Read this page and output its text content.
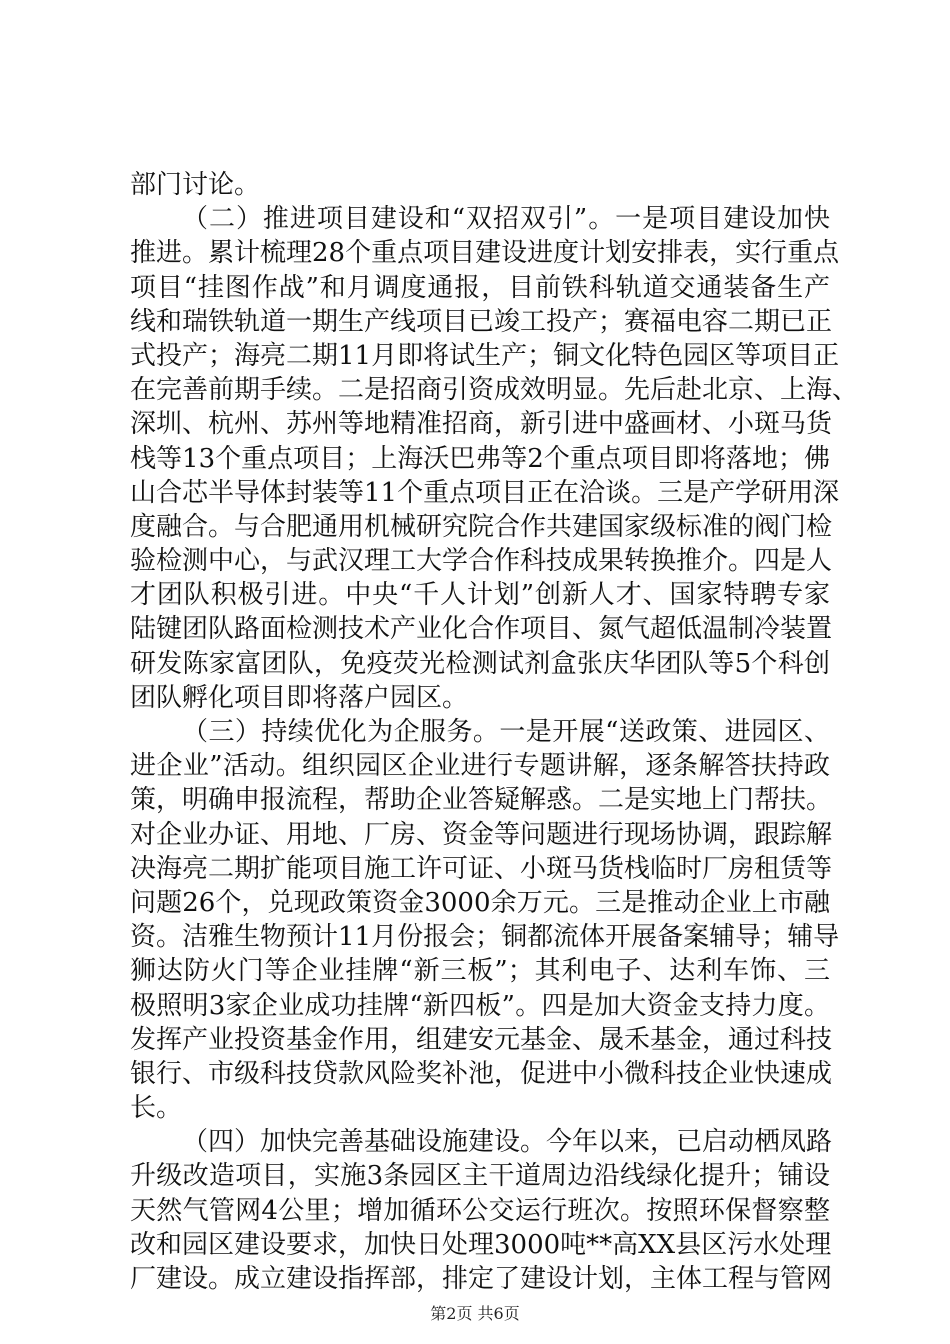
部门讨论。
（二）推进项目建设和“双招双引”。一是项目建设加快
推进。累计梳理28个重点项目建设进度计划安排表，实行重点
项目“挂图作战”和月调度通报，目前铁科轨道交通装备生产
线和瑞铁轨道一期生产线项目已竣工投产；赛福电容二期已正
式投产；海亮二期11月即将试生产；铜文化特色园区等项目正
在完善前期手续。二是招商引资成效明显。先后赴北京、上海、
深圳、杭州、苏州等地精准招商，新引进中盛画材、小斑马货
栈等13个重点项目；上海沃巴弗等2个重点项目即将落地；佛
山合芯半导体封装等11个重点项目正在洽谈。三是产学研用深
度融合。与合肥通用机械研究院合作共建国家级标准的阀门检
验检测中心，与武汉理工大学合作科技成果转换推介。四是人
才团队积极引进。中央“千人计划”创新人才、国家特聘专家
陆键团队路面检测技术产业化合作项目、氮气超低温制冷装置
研发陈家富团队，免疫荧光检测试剂盒张庆华团队等5个科创
团队孵化项目即将落户园区。
（三）持续优化为企服务。一是开展“送政策、进园区、
进企业”活动。组织园区企业进行专题讲解，逐条解答扶持政
策，明确申报流程，帮助企业答疑解惑。二是实地上门帮扶。
对企业办证、用地、厂房、资金等问题进行现场协调，跟踪解
决海亮二期扩能项目施工许可证、小斑马货栈临时厂房租赁等
问题26个，兑现政策资金3000余万元。三是推动企业上市融
资。洁雅生物预计11月份报会；铜都流体开展备案辅导；辅导
狮达防火门等企业挂牌“新三板”；其利电子、达利车饰、三
极照明3家企业成功挂牌“新四板”。四是加大资金支持力度。
发挥产业投资基金作用，组建安元基金、晟禾基金，通过科技
银行、市级科技贷款风险奖补池，促进中小微科技企业快速成
长。
（四）加快完善基础设施建设。今年以来，已启动栖凤路
升级改造项目，实施3条园区主干道周边沿线绿化提升；铺设
天然气管网4公里；增加循环公交运行班次。按照环保督察整
改和园区建设要求，加快日处理3000吨**高XX县区污水处理
厂建设。成立建设指挥部，排定了建设计划，主体工程与管网
第2页 共6页
